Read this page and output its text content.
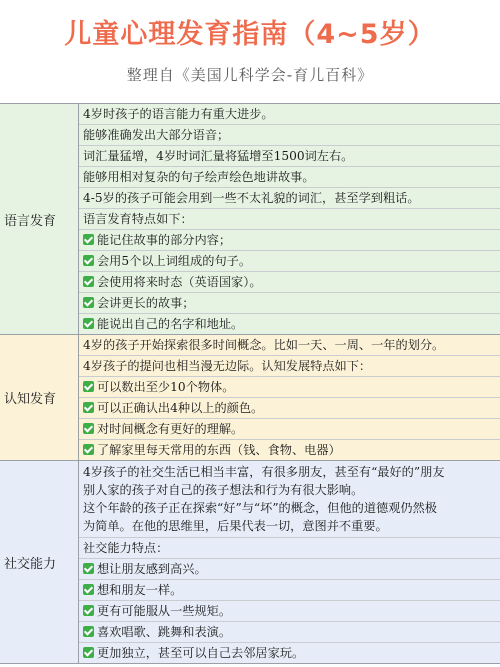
儿童心理发育指南（4~5岁）
整理自《美国儿科学会-育儿百科》
语言发育
4岁时孩子的语言能力有重大进步。
能够准确发出大部分语音；
词汇量猛增，4岁时词汇量将猛增至1500词左右。
能够用相对复杂的句子绘声绘色地讲故事。
4-5岁的孩子可能会用到一些不太礼貌的词汇，甚至学到粗话。
语言发育特点如下：
能记住故事的部分内容；
会用5个以上词组成的句子。
会使用将来时态（英语国家）。
会讲更长的故事；
能说出自己的名字和地址。
认知发育
4岁的孩子开始探索很多时间概念。比如一天、一周、一年的划分。
4岁孩子的提问也相当漫无边际。认知发展特点如下：
可以数出至少10个物体。
可以正确认出4种以上的颜色。
对时间概念有更好的理解。
了解家里每天常用的东西（钱、食物、电器）
社交能力
4岁孩子的社交生活已相当丰富，有很多朋友，甚至有“最好的”朋友
别人家的孩子对自己的孩子想法和行为有很大影响。
这个年龄的孩子正在探索“好”与“坏”的概念，但他的道德观仍然极
为简单。在他的思维里，后果代表一切，意图并不重要。
社交能力特点：
想让朋友感到高兴。
想和朋友一样。
更有可能服从一些规矩。
喜欢唱歌、跳舞和表演。
更加独立，甚至可以自己去邻居家玩。
